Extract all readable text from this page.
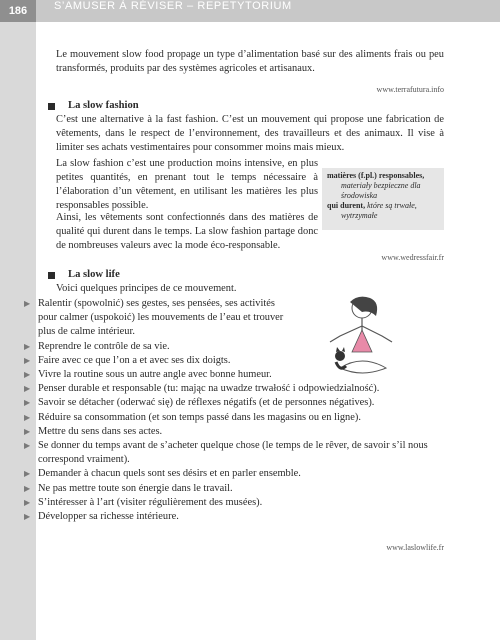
186	S’AMUSER À RÉVISER – REPETYTORIUM

Le mouvement slow food propage un type d’alimentation basé sur des aliments frais ou peu transformés, produits par des systèmes agricoles et artisanaux.

www.terrafutura.info
La slow fashion

C’est une alternative à la fast fashion. C’est un mouvement qui propose une fabrication de vêtements, dans le respect de l’environnement, des travailleurs et des animaux. Il vise à limiter ses achats vestimentaires pour consommer moins mais mieux.

La slow fashion c’est une production moins intensive, en plus petites quantités, en prenant tout le temps nécessaire à l’élaboration d’un vêtement, en utilisant les matières les plus responsables possible.

Ainsi, les vêtements sont confectionnés dans des matières de qualité qui durent dans le temps. La slow fashion partage donc de nombreuses valeurs avec la mode éco-responsable.

www.wedressfair.fr
La slow life

Voici quelques principes de ce mouvement.

matières (f.pl.) responsables,
materiały bezpieczne dla środowiska
qui durent, które są trwałe,
wytrzymałe

▶ Ralentir (spowolnić) ses gestes, ses pensées, ses activités

pour calmer (uspokoić) les mouvements de l’eau et trouver

plus de calme intérieur.

▶ Reprendre le contrôle de sa vie.

▶ Faire avec ce que l’on a et avec ses dix doigts.

▶ Vivre la routine sous un autre angle avec bonne humeur.

▶ Penser durable et responsable (tu: mając na uwadze trwałość i odpowiedzialność).

▶ Savoir se détacher (oderwać się) de réflexes négatifs (et de personnes négatives).

▶ Réduire sa consommation (et son temps passé dans les magasins ou en ligne).

▶ Mettre du sens dans ses actes.

▶ Se donner du temps avant de s’acheter quelque chose (le temps de le rêver, de savoir s’il nous

correspond vraiment).

▶ Demander à chacun quels sont ses désirs et en parler ensemble.

▶ Ne pas mettre toute son énergie dans le travail.

▶ S’intéresser à l’art (visiter régulièrement des musées).

▶ Développer sa richesse intérieure.

www.laslowlife.fr
